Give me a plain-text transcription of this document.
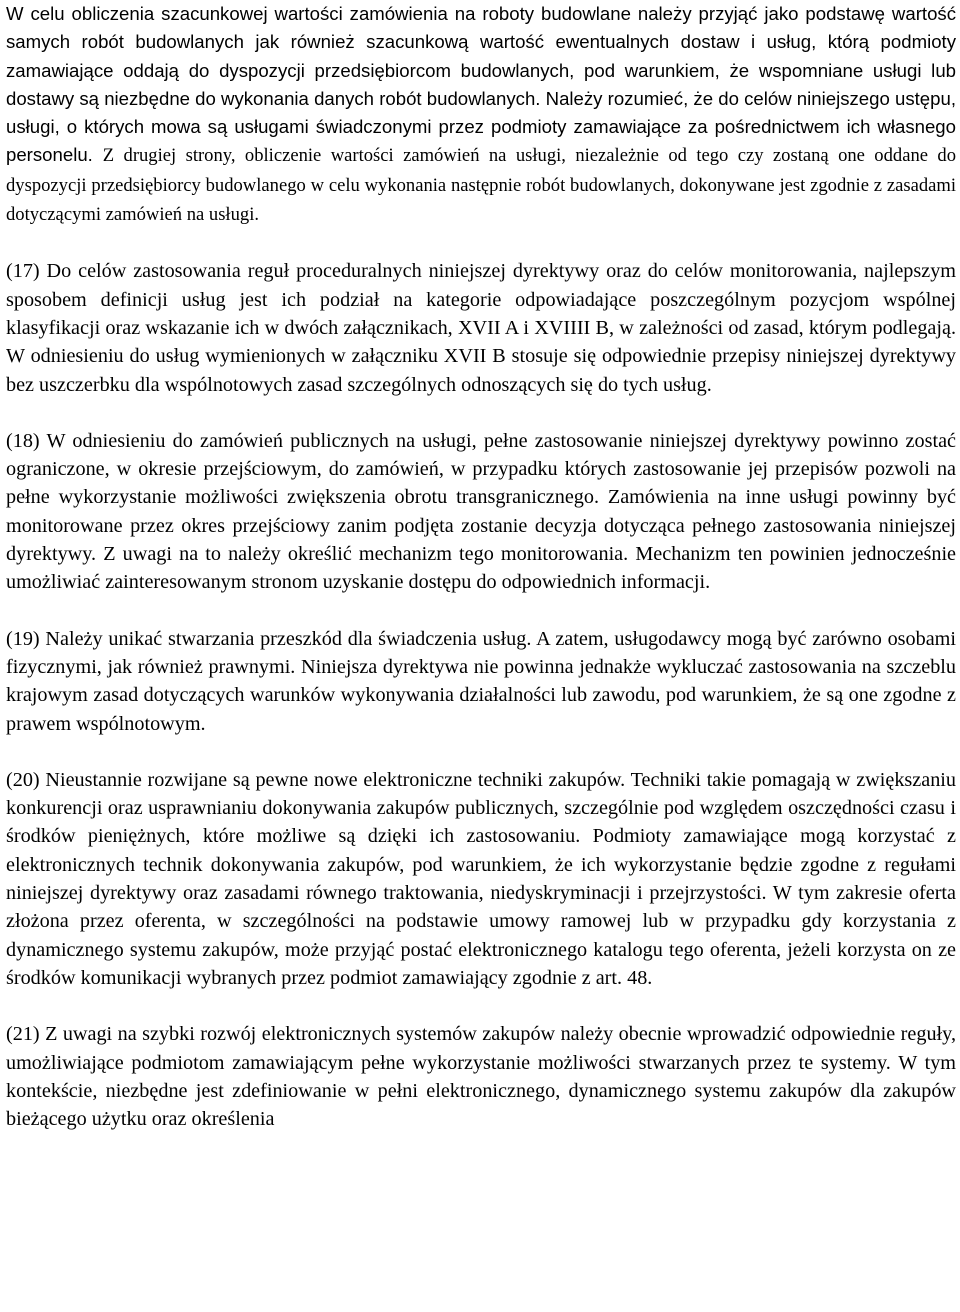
W celu obliczenia szacunkowej wartości zamówienia na roboty budowlane należy przyjąć jako podstawę wartość samych robót budowlanych jak również szacunkową wartość ewentualnych dostaw i usług, którą podmioty zamawiające oddają do dyspozycji przedsiębiorcom budowlanych, pod warunkiem, że wspomniane usługi lub dostawy są niezbędne do wykonania danych robót budowlanych. Należy rozumieć, że do celów niniejszego ustępu, usługi, o których mowa są usługami świadczonymi przez podmioty zamawiające za pośrednictwem ich własnego personelu. Z drugiej strony, obliczenie wartości zamówień na usługi, niezależnie od tego czy zostaną one oddane do dyspozycji przedsiębiorcy budowlanego w celu wykonania następnie robót budowlanych, dokonywane jest zgodnie z zasadami dotyczącymi zamówień na usługi.

(17) Do celów zastosowania reguł proceduralnych niniejszej dyrektywy oraz do celów monitorowania, najlepszym sposobem definicji usług jest ich podział na kategorie odpowiadające poszczególnym pozycjom wspólnej klasyfikacji oraz wskazanie ich w dwóch załącznikach, XVII A i XVIIII B, w zależności od zasad, którym podlegają. W odniesieniu do usług wymienionych w załączniku XVII B stosuje się odpowiednie przepisy niniejszej dyrektywy bez uszczerbku dla wspólnotowych zasad szczególnych odnoszących się do tych usług.

(18) W odniesieniu do zamówień publicznych na usługi, pełne zastosowanie niniejszej dyrektywy powinno zostać ograniczone, w okresie przejściowym, do zamówień, w przypadku których zastosowanie jej przepisów pozwoli na pełne wykorzystanie możliwości zwiększenia obrotu transgranicznego. Zamówienia na inne usługi powinny być monitorowane przez okres przejściowy zanim podjęta zostanie decyzja dotycząca pełnego zastosowania niniejszej dyrektywy. Z uwagi na to należy określić mechanizm tego monitorowania. Mechanizm ten powinien jednocześnie umożliwiać zainteresowanym stronom uzyskanie dostępu do odpowiednich informacji.

(19) Należy unikać stwarzania przeszkód dla świadczenia usług. A zatem, usługodawcy mogą być zarówno osobami fizycznymi, jak również prawnymi. Niniejsza dyrektywa nie powinna jednakże wykluczać zastosowania na szczeblu krajowym zasad dotyczących warunków wykonywania działalności lub zawodu, pod warunkiem, że są one zgodne z prawem wspólnotowym.

(20) Nieustannie rozwijane są pewne nowe elektroniczne techniki zakupów. Techniki takie pomagają w zwiększaniu konkurencji oraz usprawnianiu dokonywania zakupów publicznych, szczególnie pod względem oszczędności czasu i środków pieniężnych, które możliwe są dzięki ich zastosowaniu. Podmioty zamawiające mogą korzystać z elektronicznych technik dokonywania zakupów, pod warunkiem, że ich wykorzystanie będzie zgodne z regułami niniejszej dyrektywy oraz zasadami równego traktowania, niedyskryminacji i przejrzystości. W tym zakresie oferta złożona przez oferenta, w szczególności na podstawie umowy ramowej lub w przypadku gdy korzystania z dynamicznego systemu zakupów, może przyjąć postać elektronicznego katalogu tego oferenta, jeżeli korzysta on ze środków komunikacji wybranych przez podmiot zamawiający zgodnie z art. 48.

(21) Z uwagi na szybki rozwój elektronicznych systemów zakupów należy obecnie wprowadzić odpowiednie reguły, umożliwiające podmiotom zamawiającym pełne wykorzystanie możliwości stwarzanych przez te systemy. W tym kontekście, niezbędne jest zdefiniowanie w pełni elektronicznego, dynamicznego systemu zakupów dla zakupów bieżącego użytku oraz określenia
